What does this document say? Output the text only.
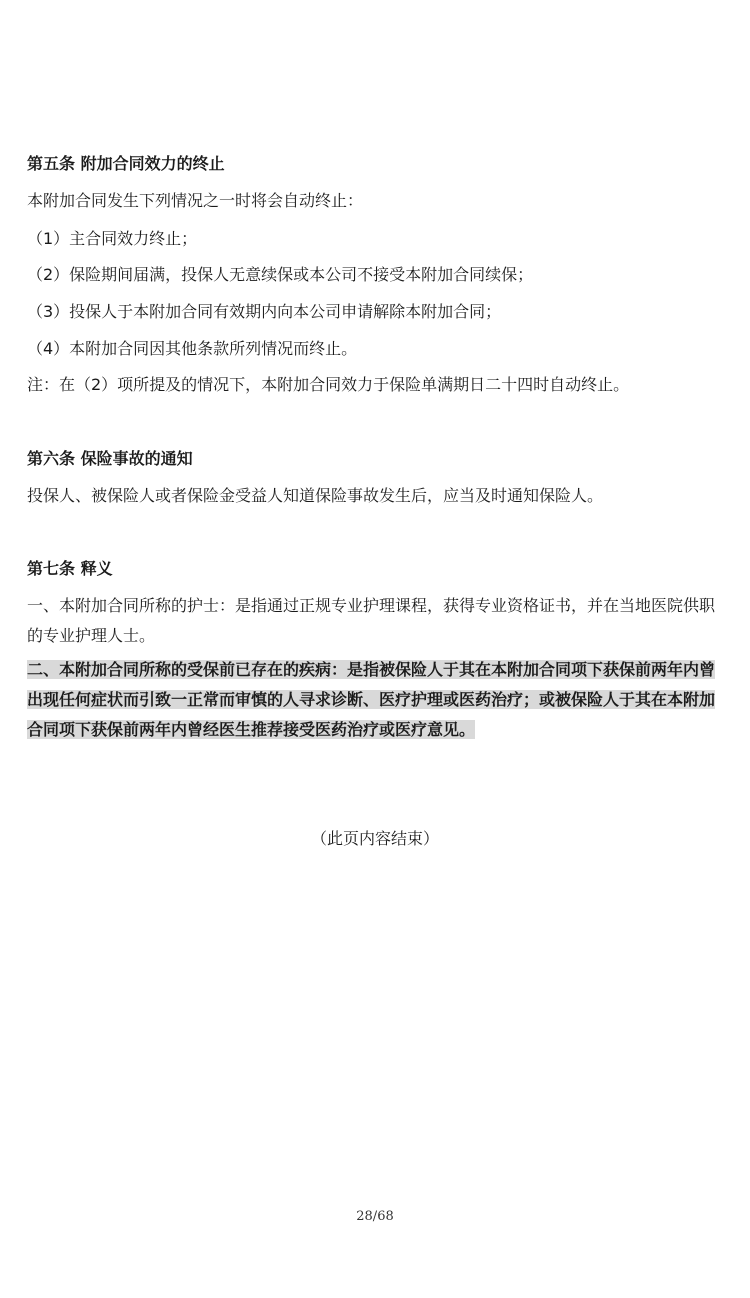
第五条 附加合同效力的终止
本附加合同发生下列情况之一时将会自动终止：
（1）主合同效力终止；
（2）保险期间届满，投保人无意续保或本公司不接受本附加合同续保；
（3）投保人于本附加合同有效期内向本公司申请解除本附加合同；
（4）本附加合同因其他条款所列情况而终止。
注：在（2）项所提及的情况下，本附加合同效力于保险单满期日二十四时自动终止。
第六条 保险事故的通知
投保人、被保险人或者保险金受益人知道保险事故发生后，应当及时通知保险人。
第七条 释义
一、本附加合同所称的护士：是指通过正规专业护理课程，获得专业资格证书，并在当地医院供职的专业护理人士。
二、本附加合同所称的受保前已存在的疾病：是指被保险人于其在本附加合同项下获保前两年内曾出现任何症状而引致一正常而审慎的人寻求诊断、医疗护理或医药治疗；或被保险人于其在本附加合同项下获保前两年内曾经医生推荐接受医药治疗或医疗意见。
（此页内容结束）
28/68
